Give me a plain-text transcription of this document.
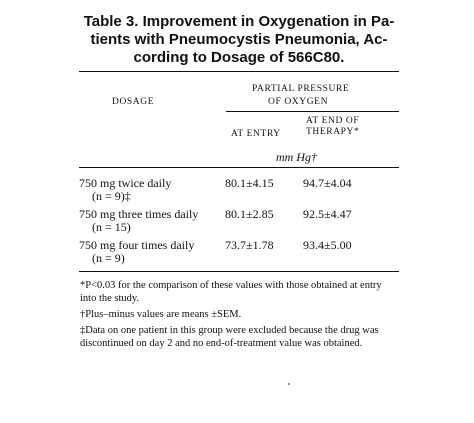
Table 3. Improvement in Oxygenation in Pa-
tients with Pneumocystis Pneumonia, Ac-
cording to Dosage of 566C80.
DOSAGE
PARTIAL PRESSURE
OF OXYGEN
AT END OF
THERAPY*
AT ENTRY
mm Hg†
750 mg twice daily
(n = 9)‡
80.1±4.15 94.7±4.04
750 mg three times daily
(n = 15)
80.1±2.85 92.5±4.47
750 mg four times daily
(n = 9)
73.7±1.78 93.4±5.00
*P<0.03 for the comparison of these values with those obtained at entry into the study.
†Plus–minus values are means ±SEM.
‡Data on one patient in this group were excluded because the drug was discontinued on day 2 and no end-of-treatment value was obtained.
